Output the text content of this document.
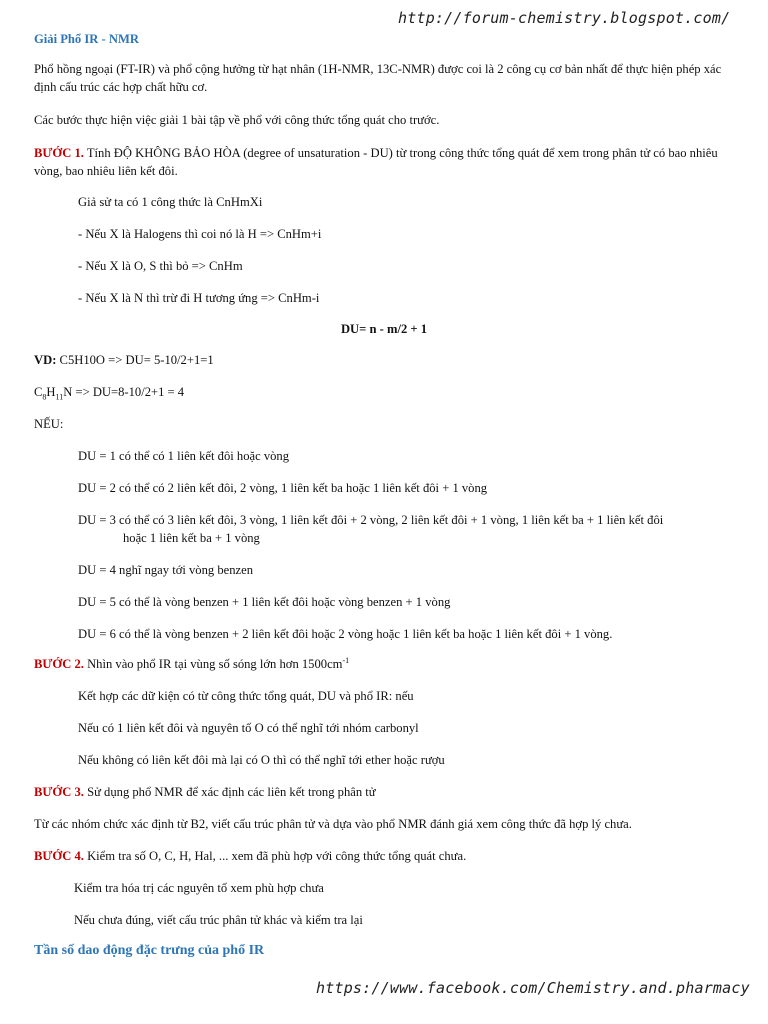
http://forum-chemistry.blogspot.com/
Giải Phổ IR - NMR
Phổ hồng ngoại (FT-IR) và phổ cộng hưởng từ hạt nhân (1H-NMR, 13C-NMR) được coi là 2 công cụ cơ bản nhất để thực hiện phép xác định cấu trúc các hợp chất hữu cơ.
Các bước thực hiện việc giải 1 bài tập về phổ với công thức tổng quát cho trước.
BƯỚC 1. Tính ĐỘ KHÔNG BẢO HÒA (degree of unsaturation - DU) từ trong công thức tổng quát để xem trong phân tử có bao nhiêu vòng, bao nhiêu liên kết đôi.
Giả sử ta có 1 công thức là CnHmXi
- Nếu X là Halogens thì coi nó là H => CnHm+i
- Nếu X là O, S thì bỏ => CnHm
- Nếu X là N thì trừ đi H tương ứng => CnHm-i
DU= n - m/2 + 1
VD: C5H10O => DU= 5-10/2+1=1
$C_8H_{11}N => DU=8-10/2+1 = 4$
NẾU:
DU = 1 có thể có 1 liên kết đôi hoặc vòng
DU = 2 có thể có 2 liên kết đôi, 2 vòng, 1 liên kết ba hoặc 1 liên kết đôi + 1 vòng
DU = 3 có thể có 3 liên kết đôi, 3 vòng, 1 liên kết đôi + 2 vòng, 2 liên kết đôi + 1 vòng, 1 liên kết ba + 1 liên kết đôi
hoặc 1 liên kết ba + 1 vòng
DU = 4 nghĩ ngay tới vòng benzen
DU = 5 có thể là vòng benzen + 1 liên kết đôi hoặc vòng benzen + 1 vòng
DU = 6 có thể là vòng benzen + 2 liên kết đôi hoặc 2 vòng hoặc 1 liên kết ba hoặc 1 liên kết đôi + 1 vòng.
BƯỚC 2. Nhìn vào phổ IR tại vùng số sóng lớn hơn $1500cm^{-1}$
Kết hợp các dữ kiện có từ công thức tổng quát, DU và phổ IR: nếu
Nếu có 1 liên kết đôi và nguyên tố O có thể nghĩ tới nhóm carbonyl
Nếu không có liên kết đôi mà lại có O thì có thể nghĩ tới ether hoặc rượu
BƯỚC 3. Sử dụng phổ NMR để xác định các liên kết trong phân tử
Từ các nhóm chức xác định từ B2, viết cấu trúc phân tử và dựa vào phổ NMR đánh giá xem công thức đã hợp lý chưa.
BƯỚC 4. Kiểm tra số O, C, H, Hal, ... xem đã phù hợp với công thức tổng quát chưa.
Kiểm tra hóa trị các nguyên tố xem phù hợp chưa
Nếu chưa đúng, viết cấu trúc phân tử khác và kiểm tra lại
Tần số dao động đặc trưng của phổ IR
https://www.facebook.com/Chemistry.and.pharmacy
